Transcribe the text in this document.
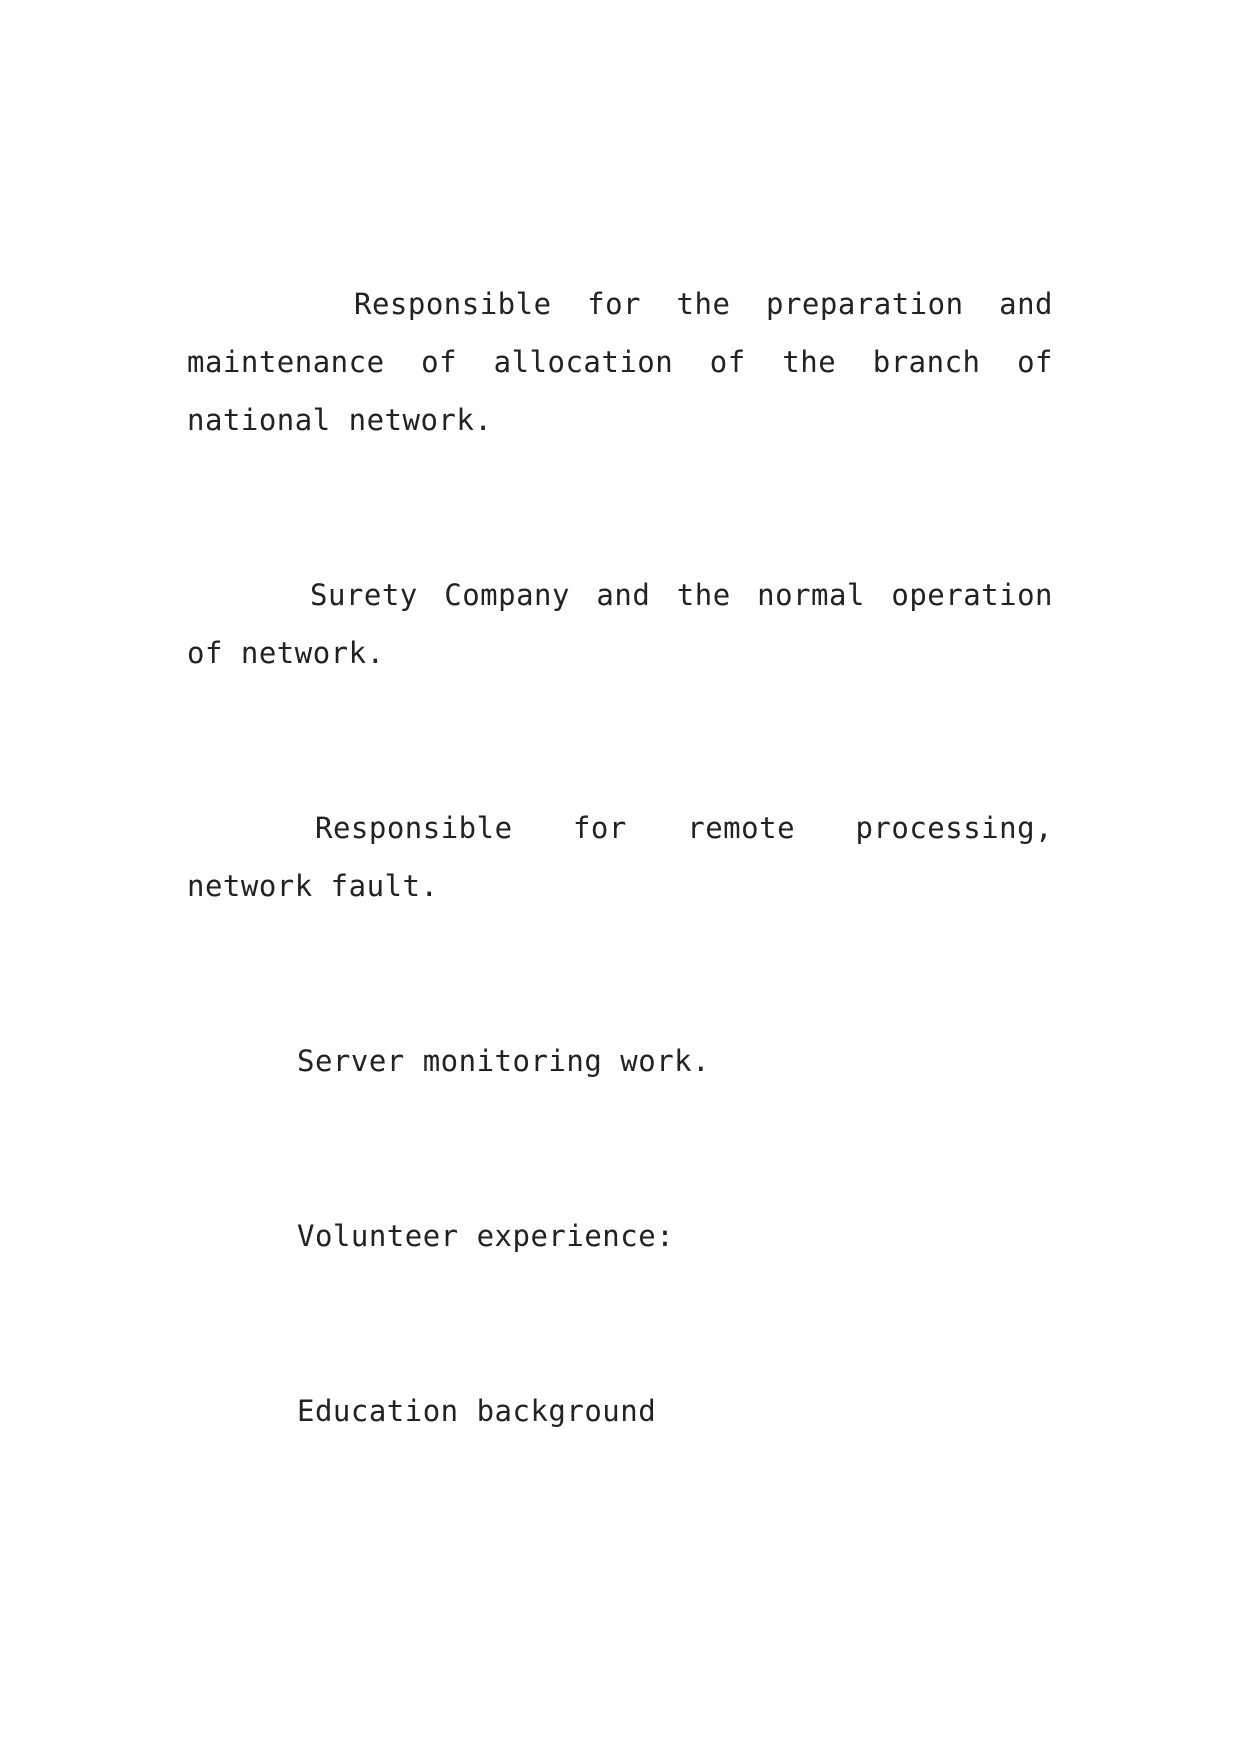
Responsible for the preparation and maintenance of allocation of the branch of national network.

Surety Company and the normal operation of network.

Responsible for remote processing, network fault.

Server monitoring work.

Volunteer experience:

Education background
